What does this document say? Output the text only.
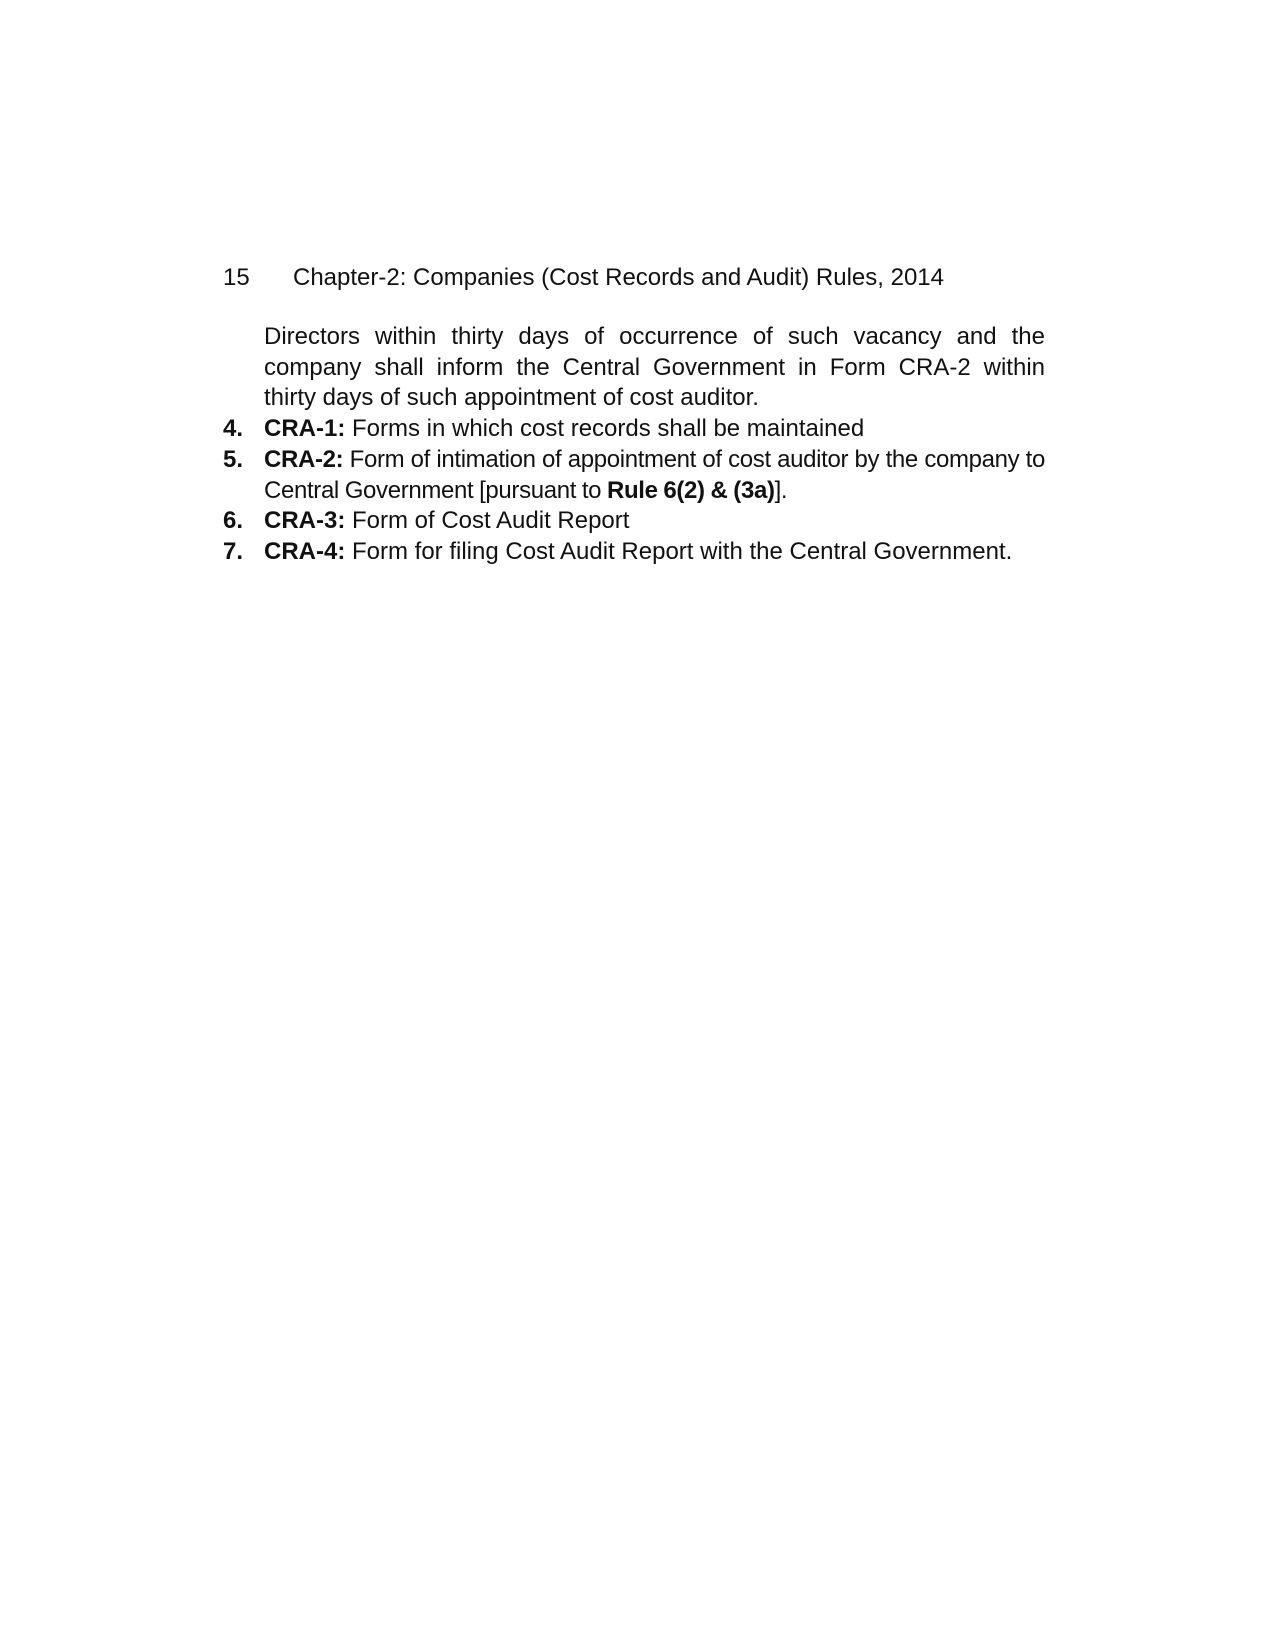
15 Chapter-2: Companies (Cost Records and Audit) Rules, 2014
Directors within thirty days of occurrence of such vacancy and the company shall inform the Central Government in Form CRA-2 within thirty days of such appointment of cost auditor.
4. CRA-1: Forms in which cost records shall be maintained
5. CRA-2: Form of intimation of appointment of cost auditor by the company to Central Government [pursuant to Rule 6(2) & (3a)].
6. CRA-3: Form of Cost Audit Report
7. CRA-4: Form for filing Cost Audit Report with the Central Government.
